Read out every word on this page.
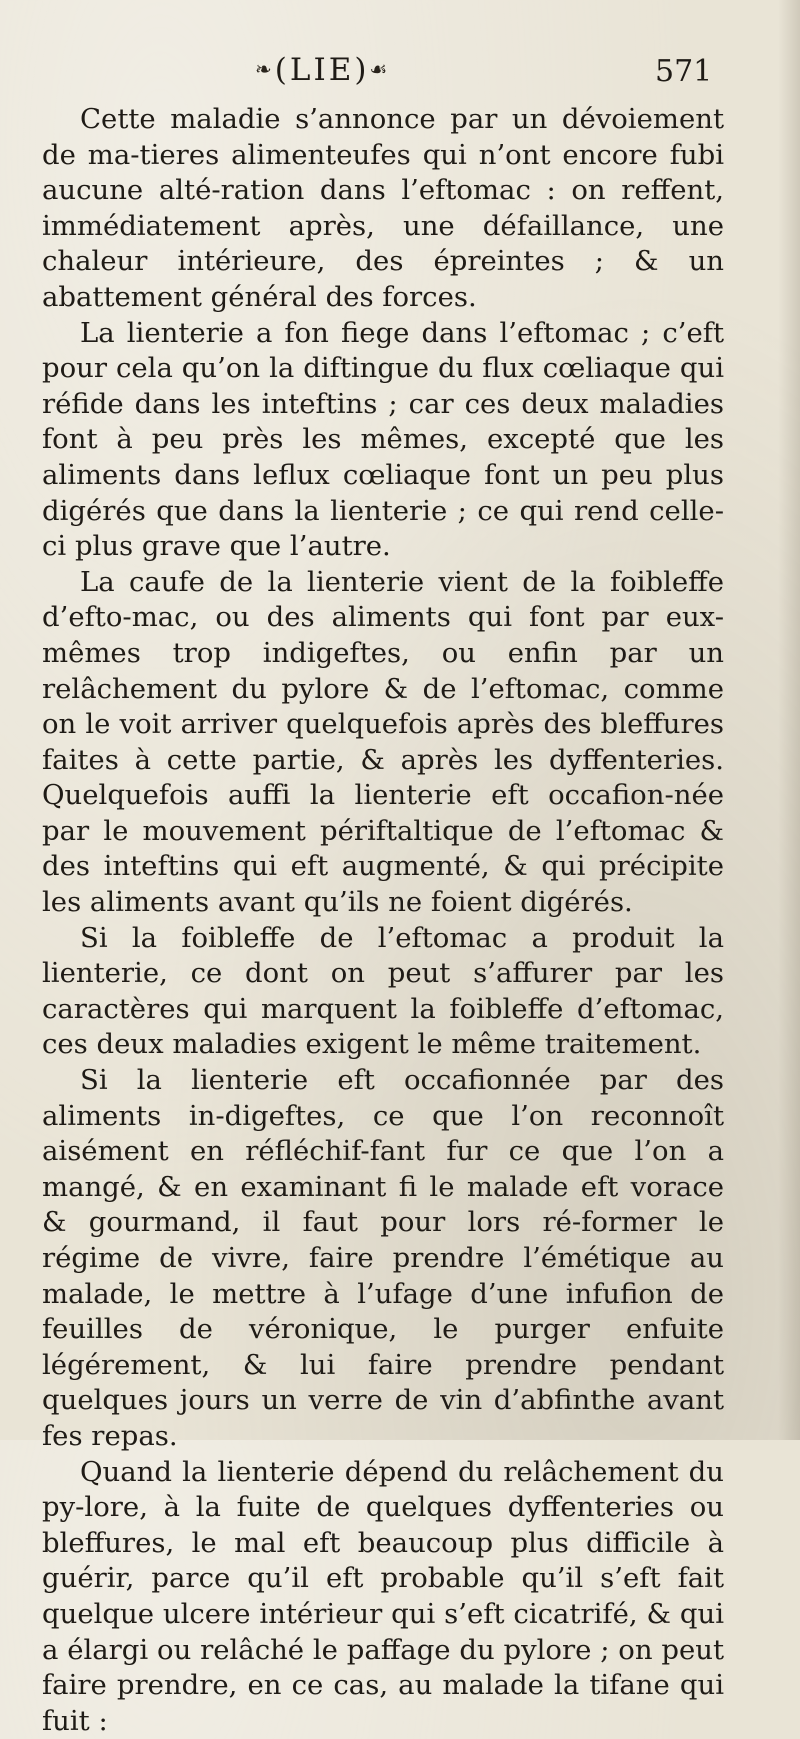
❧(LIE)☙	571

Cette maladie s’annonce par un dévoiement de ma-tieres alimenteufes qui n’ont encore fubi aucune alté-ration dans l’eftomac : on reffent, immédiatement après, une défaillance, une chaleur intérieure, des épreintes ; & un abattement général des forces.

La lienterie a fon fiege dans l’eftomac ; c’eft pour cela qu’on la diftingue du flux cœliaque qui réfide dans les inteftins ; car ces deux maladies font à peu près les mêmes, excepté que les aliments dans leflux cœliaque font un peu plus digérés que dans la lienterie ; ce qui rend celle-ci plus grave que l’autre.

La caufe de la lienterie vient de la foibleffe d’efto-mac, ou des aliments qui font par eux-mêmes trop indigeftes, ou enfin par un relâchement du pylore & de l’eftomac, comme on le voit arriver quelquefois après des bleffures faites à cette partie, & après les dyffenteries. Quelquefois auffi la lienterie eft occafion-née par le mouvement périftaltique de l’eftomac & des inteftins qui eft augmenté, & qui précipite les aliments avant qu’ils ne foient digérés.

Si la foibleffe de l’eftomac a produit la lienterie, ce dont on peut s’affurer par les caractères qui marquent la foibleffe d’eftomac, ces deux maladies exigent le même traitement.

Si la lienterie eft occafionnée par des aliments in-digeftes, ce que l’on reconnoît aisément en réfléchif-fant fur ce que l’on a mangé, & en examinant fi le malade eft vorace & gourmand, il faut pour lors ré-former le régime de vivre, faire prendre l’émétique au malade, le mettre à l’ufage d’une infufion de feuilles de véronique, le purger enfuite légérement, & lui faire prendre pendant quelques jours un verre de vin d’abfinthe avant fes repas.

Quand la lienterie dépend du relâchement du py-lore, à la fuite de quelques dyffenteries ou bleffures, le mal eft beaucoup plus difficile à guérir, parce qu’il eft probable qu’il s’eft fait quelque ulcere intérieur qui s’eft cicatrifé, & qui a élargi ou relâché le paffage du pylore ; on peut faire prendre, en ce cas, au malade la tifane qui fuit :
